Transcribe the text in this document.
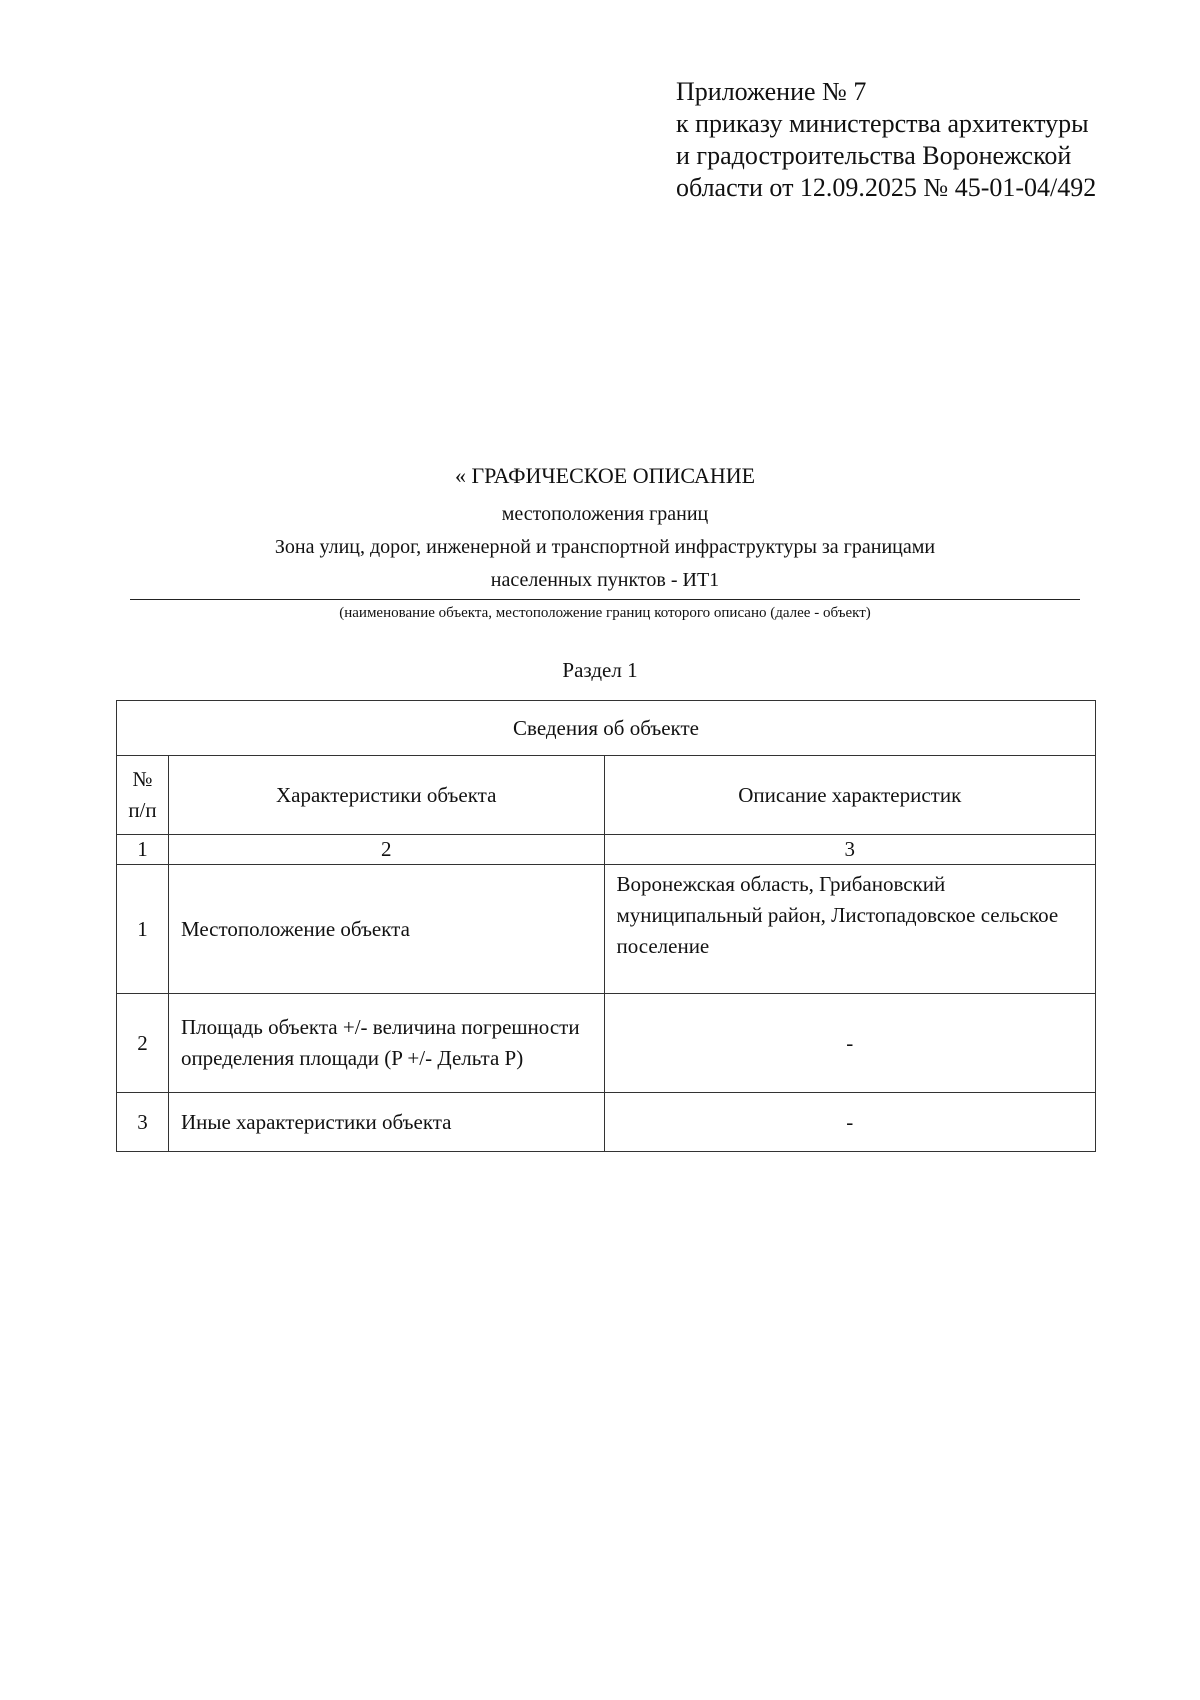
Приложение № 7
к приказу министерства архитектуры
и градостроительства Воронежской
области от 12.09.2025 № 45-01-04/492
« ГРАФИЧЕСКОЕ ОПИСАНИЕ
местоположения границ
Зона улиц, дорог, инженерной и транспортной инфраструктуры за границами
населенных пунктов - ИТ1
(наименование объекта, местоположение границ которого описано (далее - объект)
Раздел 1
Сведения об объекте		

№
п/п	Характеристики объекта	Описание характеристик
1	2	3
1	Местоположение объекта	Воронежская область, Грибановский муниципальный район, Листопадовское сельское поселение
2	Площадь объекта +/- величина погрешности определения площади (P +/- Дельта P)	-
3	Иные характеристики объекта	-
